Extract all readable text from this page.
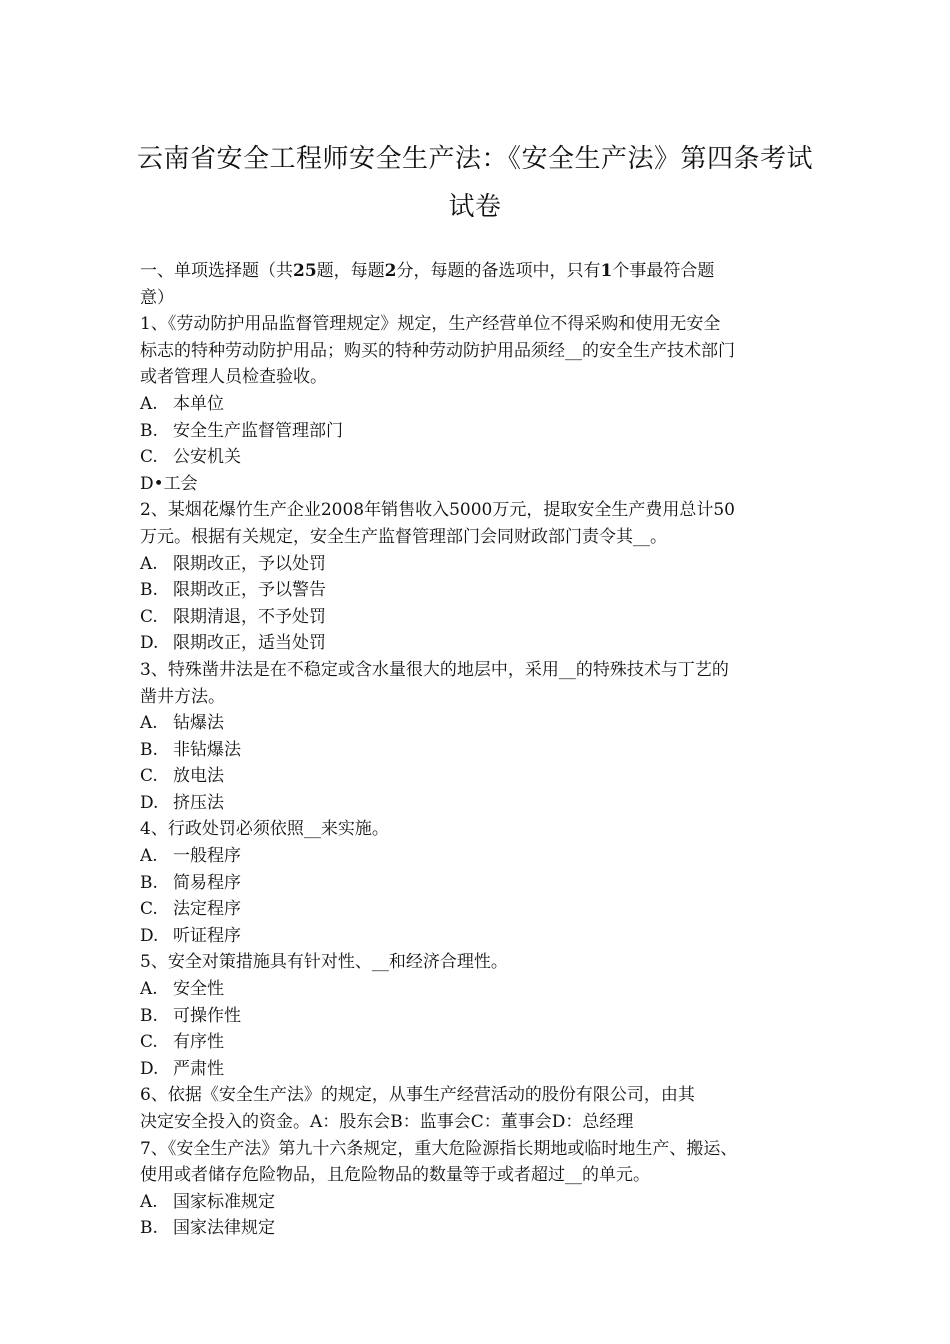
云南省安全工程师安全生产法：《安全生产法》第四条考试
试卷
一、单项选择题（共25题，每题2分，每题的备选项中，只有1个事最符合题
意）
1、《劳动防护用品监督管理规定》规定，生产经营单位不得采购和使用无安全
标志的特种劳动防护用品；购买的特种劳动防护用品须经__的安全生产技术部门
或者管理人员检查验收。
A. 本单位
B. 安全生产监督管理部门
C. 公安机关
D•工会
2、某烟花爆竹生产企业2008年销售收入5000万元，提取安全生产费用总计50
万元。根据有关规定，安全生产监督管理部门会同财政部门责令其__。
A. 限期改正，予以处罚
B. 限期改正，予以警告
C. 限期清退，不予处罚
D. 限期改正，适当处罚
3、特殊凿井法是在不稳定或含水量很大的地层中，采用__的特殊技术与丁艺的
凿井方法。
A. 钻爆法
B. 非钻爆法
C. 放电法
D. 挤压法
4、行政处罚必须依照__来实施。
A. 一般程序
B. 简易程序
C. 法定程序
D. 听证程序
5、安全对策措施具有针对性、__和经济合理性。
A. 安全性
B. 可操作性
C. 有序性
D. 严肃性
6、依据《安全生产法》的规定，从事生产经营活动的股份有限公司，由其
决定安全投入的资金。A：股东会B：监事会C：董事会D：总经理
7、《安全生产法》第九十六条规定，重大危险源指长期地或临时地生产、搬运、
使用或者储存危险物品，且危险物品的数量等于或者超过__的单元。
A. 国家标准规定
B. 国家法律规定
